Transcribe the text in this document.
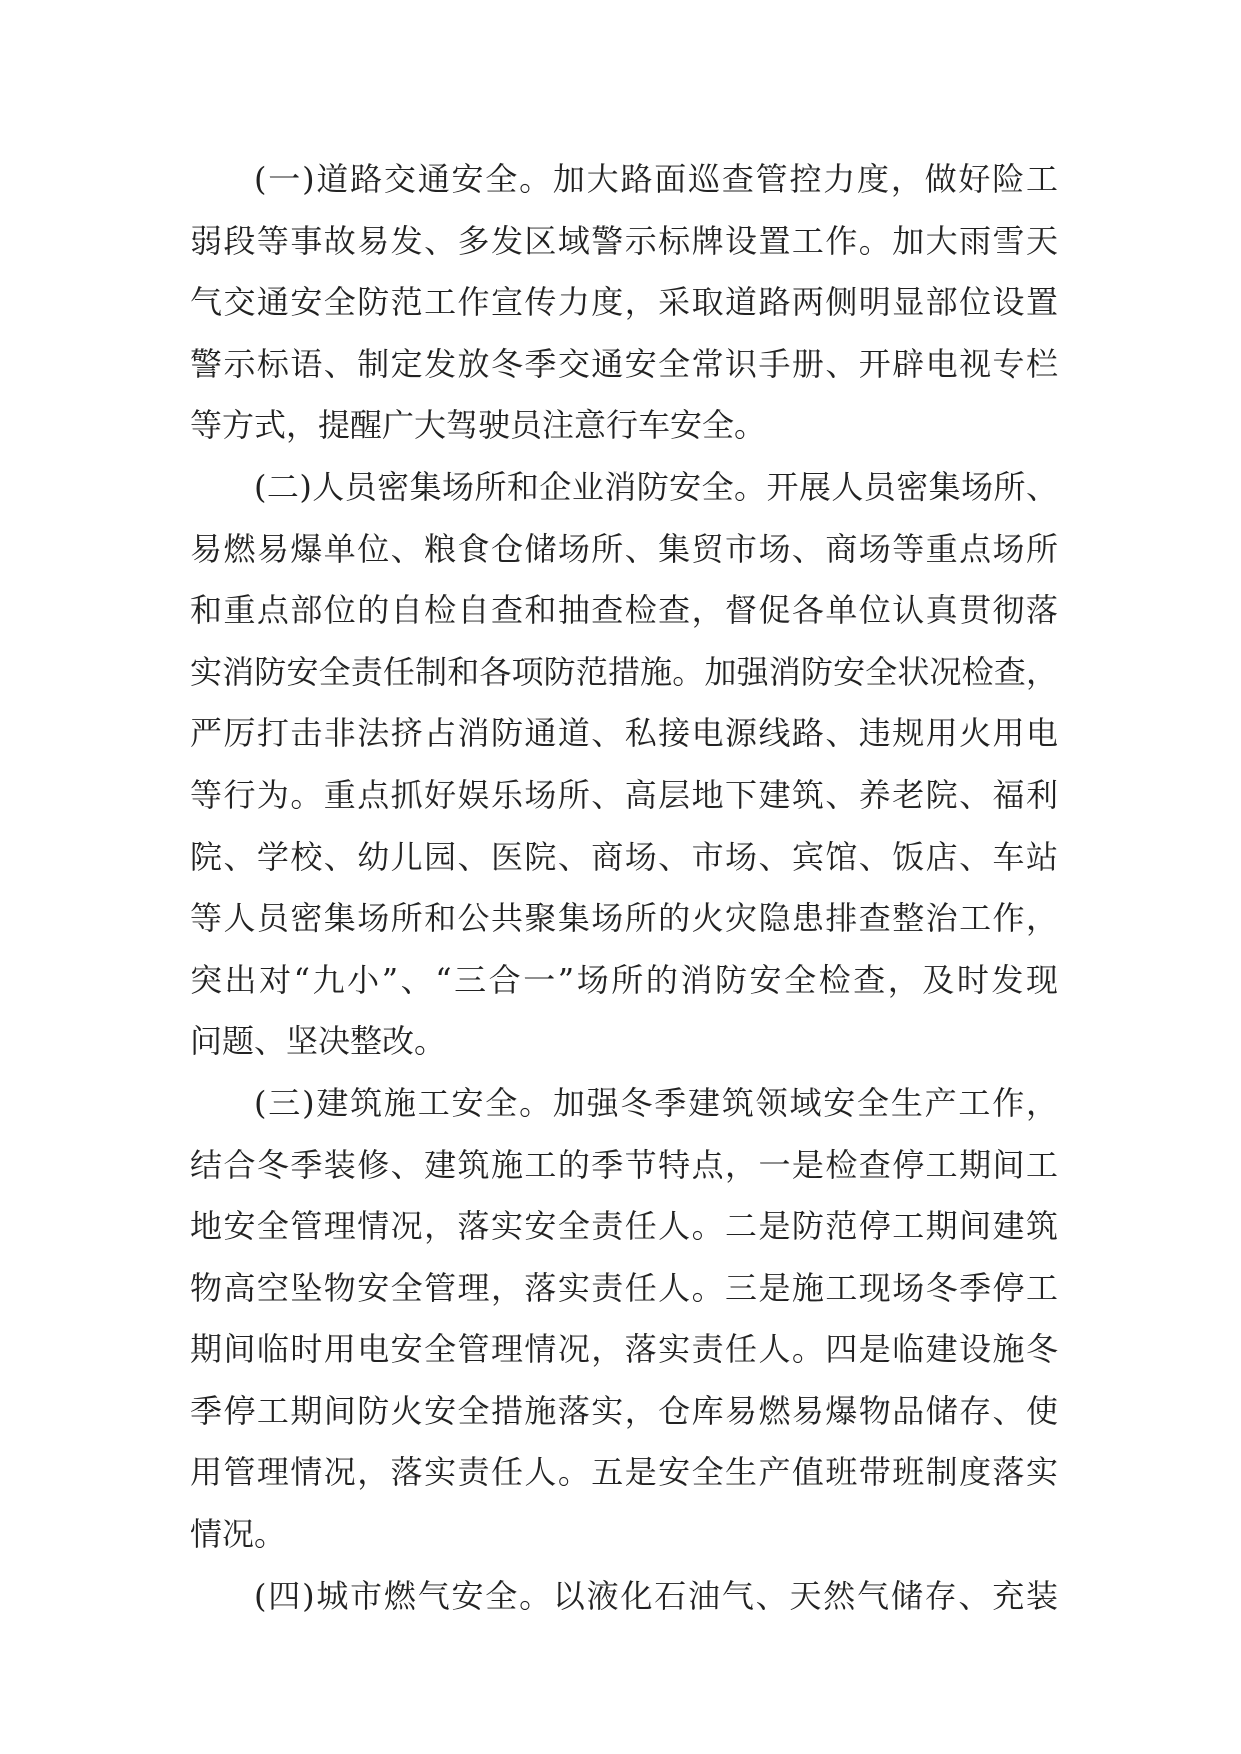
(一)道路交通安全。加大路面巡查管控力度，做好险工
弱段等事故易发、多发区域警示标牌设置工作。加大雨雪天
气交通安全防范工作宣传力度，采取道路两侧明显部位设置
警示标语、制定发放冬季交通安全常识手册、开辟电视专栏
等方式，提醒广大驾驶员注意行车安全。
(二)人员密集场所和企业消防安全。开展人员密集场所、
易燃易爆单位、粮食仓储场所、集贸市场、商场等重点场所
和重点部位的自检自查和抽查检查，督促各单位认真贯彻落
实消防安全责任制和各项防范措施。加强消防安全状况检查，
严厉打击非法挤占消防通道、私接电源线路、违规用火用电
等行为。重点抓好娱乐场所、高层地下建筑、养老院、福利
院、学校、幼儿园、医院、商场、市场、宾馆、饭店、车站
等人员密集场所和公共聚集场所的火灾隐患排查整治工作，
突出对“九小”、“三合一”场所的消防安全检查，及时发现
问题、坚决整改。
(三)建筑施工安全。加强冬季建筑领域安全生产工作，
结合冬季装修、建筑施工的季节特点，一是检查停工期间工
地安全管理情况，落实安全责任人。二是防范停工期间建筑
物高空坠物安全管理，落实责任人。三是施工现场冬季停工
期间临时用电安全管理情况，落实责任人。四是临建设施冬
季停工期间防火安全措施落实，仓库易燃易爆物品储存、使
用管理情况，落实责任人。五是安全生产值班带班制度落实
情况。
(四)城市燃气安全。以液化石油气、天然气储存、充装
